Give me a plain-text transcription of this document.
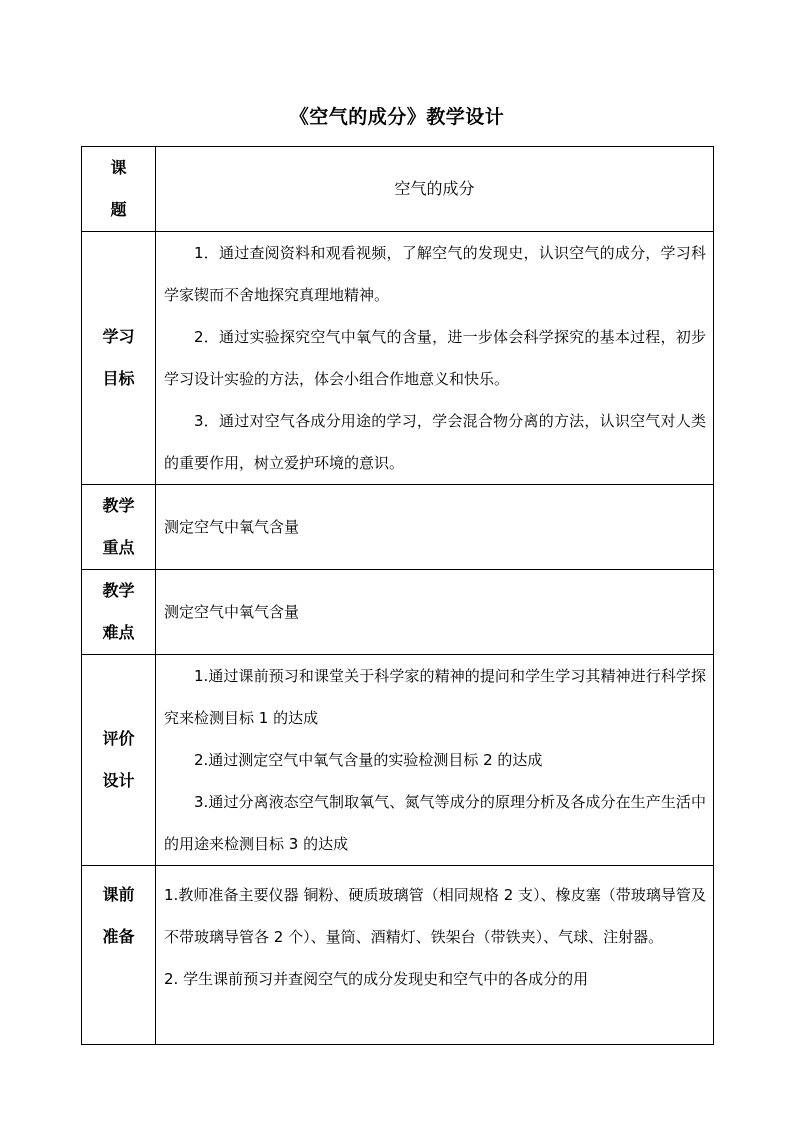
《空气的成分》教学设计
课题	空气的成分

学习目标	1．通过查阅资料和观看视频，了解空气的发现史，认识空气的成分，学习科学家锲而不舍地探究真理地精神。

2．通过实验探究空气中氧气的含量，进一步体会科学探究的基本过程，初步学习设计实验的方法，体会小组合作地意义和快乐。

3．通过对空气各成分用途的学习，学会混合物分离的方法，认识空气对人类的重要作用，树立爱护环境的意识。

教学重点	测定空气中氧气含量

教学难点	测定空气中氧气含量

评价设计	1.通过课前预习和课堂关于科学家的精神的提问和学生学习其精神进行科学探究来检测目标 1 的达成

2.通过测定空气中氧气含量的实验检测目标 2 的达成

3.通过分离液态空气制取氧气、氮气等成分的原理分析及各成分在生产生活中的用途来检测目标 3 的达成

课前准备	1.教师准备主要仪器 铜粉、硬质玻璃管（相同规格 2 支）、橡皮塞（带玻璃导管及不带玻璃导管各 2 个）、量筒、酒精灯、铁架台（带铁夹）、气球、注射器。

2. 学生课前预习并查阅空气的成分发现史和空气中的各成分的用
